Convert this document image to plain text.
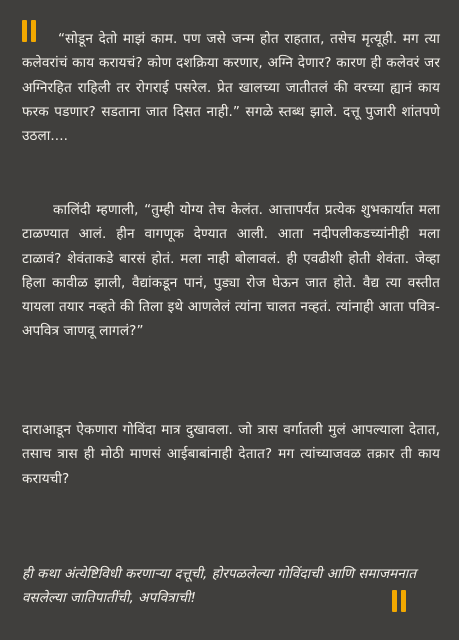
“सोडून देतो माझं काम. पण जसे जन्म होत राहतात, तसेच मृत्यूही. मग त्या कलेवरांचं काय करायचं? कोण दशक्रिया करणार, अग्नि देणार? कारण ही कलेवरं जर अग्निरहित राहिली तर रोगराई पसरेल. प्रेत खालच्या जातीतलं की वरच्या ह्यानं काय फरक पडणार? सडताना जात दिसत नाही.” सगळे स्तब्ध झाले. दत्तू पुजारी शांतपणे उठला....

कालिंदी म्हणाली, “तुम्ही योग्य तेच केलंत. आत्तापर्यंत प्रत्येक शुभकार्यात मला टाळण्यात आलं. हीन वागणूक देण्यात आली. आता नदीपलीकडच्यांनीही मला टाळावं? शेवंताकडे बारसं होतं. मला नाही बोलावलं. ही एवढीशी होती शेवंता. जेव्हा हिला कावीळ झाली, वैद्यांकडून पानं, पुड्या रोज घेऊन जात होते. वैद्य त्या वस्तीत यायला तयार नव्हते की तिला इथे आणलेलं त्यांना चालत नव्हतं. त्यांनाही आता पवित्र-अपवित्र जाणवू लागलं?”

दाराआडून ऐकणारा गोविंदा मात्र दुखावला. जो त्रास वर्गातली मुलं आपल्याला देतात, तसाच त्रास ही मोठी माणसं आईबाबांनाही देतात? मग त्यांच्याजवळ तक्रार ती काय करायची?

ही कथा अंत्येष्टिविधी करणाऱ्या दत्तूची, होरपळलेल्या गोविंदाची आणि समाजमनात वसलेल्या जातिपातींची, अपवित्राची!
